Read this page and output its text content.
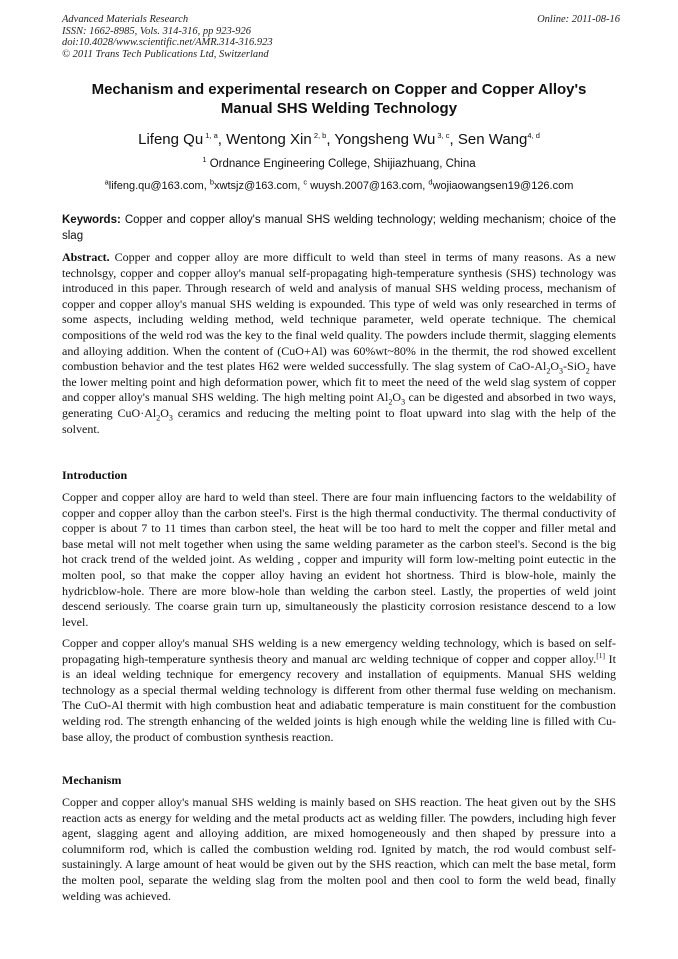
Advanced Materials Research
ISSN: 1662-8985, Vols. 314-316, pp 923-926
doi:10.4028/www.scientific.net/AMR.314-316.923
© 2011 Trans Tech Publications Ltd, Switzerland
Online: 2011-08-16
Mechanism and experimental research on Copper and Copper Alloy's
Manual SHS Welding Technology
Lifeng Qu $^{1, a}$, Wentong Xin $^{2, b}$, Yongsheng Wu $^{3, c}$, Sen Wang$^{4, d}$
$^1$ Ordnance Engineering College, Shijiazhuang, China
$^a$lifeng.qu@163.com, $^b$xwtsjz@163.com, $^c$ wuysh.2007@163.com, $^d$wojiaowangsen19@126.com
Keywords: Copper and copper alloy's manual SHS welding technology; welding mechanism; choice of the slag
Abstract. Copper and copper alloy are more difficult to weld than steel in terms of many reasons. As a new technolsgy, copper and copper alloy's manual self-propagating high-temperature synthesis (SHS) technology was introduced in this paper. Through research of weld and analysis of manual SHS welding process, mechanism of copper and copper alloy's manual SHS welding is expounded. This type of weld was only researched in terms of some aspects, including welding method, weld technique parameter, weld operate technique. The chemical compositions of the weld rod was the key to the final weld quality. The powders include thermit, slagging elements and alloying addition. When the content of (CuO+Al) was 60%wt~80% in the thermit, the rod showed excellent combustion behavior and the test plates H62 were welded successfully. The slag system of CaO-$Al_2O_3-SiO_2$ have the lower melting point and high deformation power, which fit to meet the need of the weld slag system of copper and copper alloy's manual SHS welding. The high melting point $Al_2O_3$ can be digested and absorbed in two ways, generating $CuO\cdot Al_2O_3$ ceramics and reducing the melting point to float upward into slag with the help of the solvent.
Introduction
Copper and copper alloy are hard to weld than steel. There are four main influencing factors to the weldability of copper and copper alloy than the carbon steel's. First is the high thermal conductivity. The thermal conductivity of copper is about 7 to 11 times than carbon steel, the heat will be too hard to melt the copper and filler metal and base metal will not melt together when using the same welding parameter as the carbon steel's. Second is the big hot crack trend of the welded joint. As welding , copper and impurity will form low-melting point eutectic in the molten pool, so that make the copper alloy having an evident hot shortness. Third is blow-hole, mainly the hydricblow-hole. There are more blow-hole than welding the carbon steel. Lastly, the properties of weld joint descend seriously. The coarse grain turn up, simultaneously the plasticity corrosion resistance descend to a low level.
Copper and copper alloy's manual SHS welding is a new emergency welding technology, which is based on self-propagating high-temperature synthesis theory and manual arc welding technique of copper and copper alloy.[1] It is an ideal welding technique for emergency recovery and installation of equipments. Manual SHS welding technology as a special thermal welding technology is different from other thermal fuse welding on mechanism. The CuO-Al thermit with high combustion heat and adiabatic temperature is main constituent for the combustion welding rod. The strength enhancing of the welded joints is high enough while the welding line is filled with Cu-base alloy, the product of combustion synthesis reaction.
Mechanism
Copper and copper alloy's manual SHS welding is mainly based on SHS reaction. The heat given out by the SHS reaction acts as energy for welding and the metal products act as welding filler. The powders, including high fever agent, slagging agent and alloying addition, are mixed homogeneously and then shaped by pressure into a columniform rod, which is called the combustion welding rod. Ignited by match, the rod would combust self-sustainingly. A large amount of heat would be given out by the SHS reaction, which can melt the base metal, form the molten pool, separate the welding slag from the molten pool and then cool to form the weld bead, finally welding was achieved.
